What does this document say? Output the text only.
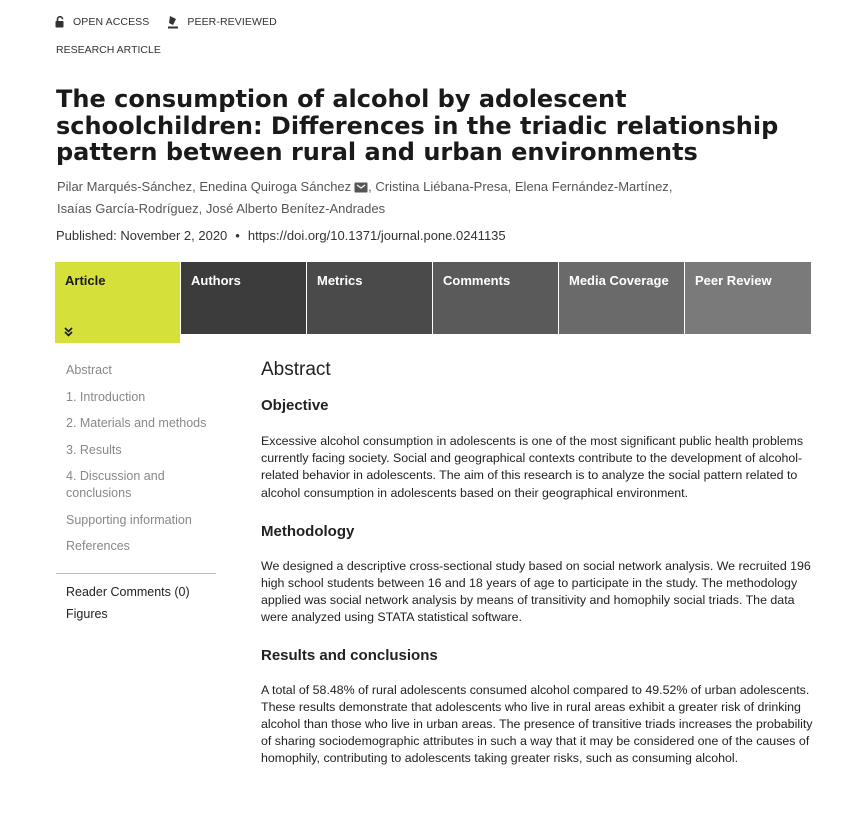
OPEN ACCESS	PEER-REVIEWED
RESEARCH ARTICLE
The consumption of alcohol by adolescent schoolchildren: Differences in the triadic relationship pattern between rural and urban environments
Pilar Marqués-Sánchez, Enedina Quiroga Sánchez , Cristina Liébana-Presa, Elena Fernández-Martínez,
Isaías García-Rodríguez, José Alberto Benítez-Andrades
Published: November 2, 2020 • https://doi.org/10.1371/journal.pone.0241135
Article	Authors	Metrics	Comments	Media Coverage	Peer Review
Abstract
1. Introduction
2. Materials and methods
3. Results
4. Discussion and conclusions
Supporting information
References
Reader Comments (0)
Figures
Abstract
Objective

Excessive alcohol consumption in adolescents is one of the most significant public health problems currently facing society. Social and geographical contexts contribute to the development of alcohol-related behavior in adolescents. The aim of this research is to analyze the social pattern related to alcohol consumption in adolescents based on their geographical environment.

Methodology

We designed a descriptive cross-sectional study based on social network analysis. We recruited 196 high school students between 16 and 18 years of age to participate in the study. The methodology applied was social network analysis by means of transitivity and homophily social triads. The data were analyzed using STATA statistical software.

Results and conclusions

A total of 58.48% of rural adolescents consumed alcohol compared to 49.52% of urban adolescents. These results demonstrate that adolescents who live in rural areas exhibit a greater risk of drinking alcohol than those who live in urban areas. The presence of transitive triads increases the probability of sharing sociodemographic attributes in such a way that it may be considered one of the causes of homophily, contributing to adolescents taking greater risks, such as consuming alcohol.
